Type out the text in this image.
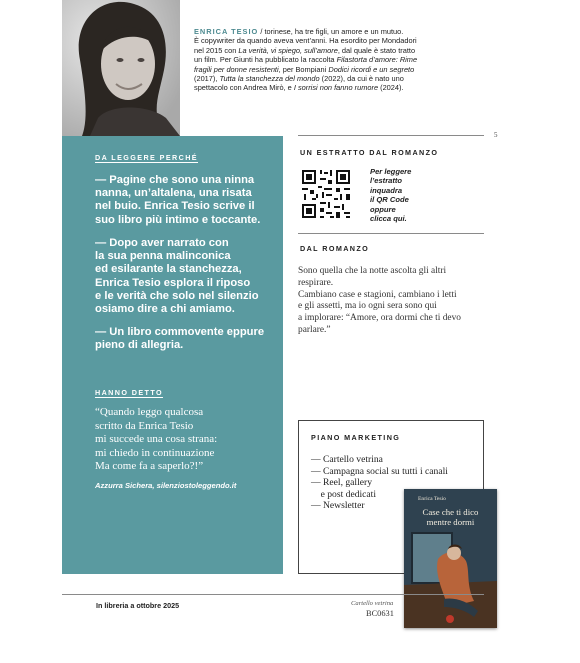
ENRICA TESIO / torinese, ha tre figli, un amore e un mutuo.
È copywriter da quando aveva vent’anni. Ha esordito per Mondadori
nel 2015 con La verità, vi spiego, sull’amore, dal quale è stato tratto
un film. Per Giunti ha pubblicato la raccolta Filastorta d’amore: Rime
fragili per donne resistenti, per Bompiani Dodici ricordi e un segreto
(2017), Tutta la stanchezza del mondo (2022), da cui è nato uno
spettacolo con Andrea Mirò, e I sorrisi non fanno rumore (2024).
5
DA LEGGERE PERCHÉ
— Pagine che sono una ninna
nanna, un’altalena, una risata
nel buio. Enrica Tesio scrive il
suo libro più intimo e toccante.
— Dopo aver narrato con
la sua penna malinconica
ed esilarante la stanchezza,
Enrica Tesio esplora il riposo
e le verità che solo nel silenzio
osiamo dire a chi amiamo.
— Un libro commovente eppure
pieno di allegria.
HANNO DETTO
“Quando leggo qualcosa
scritto da Enrica Tesio
mi succede una cosa strana:
mi chiedo in continuazione
Ma come fa a saperlo?!”
Azzurra Sichera, silenziostoleggendo.it
UN ESTRATTO DAL ROMANZO
Per leggere
l’estratto
inquadra
il QR Code
oppure
clicca qui.
DAL ROMANZO
Sono quella che la notte ascolta gli altri
respirare.
Cambiano case e stagioni, cambiano i letti
e gli assetti, ma io ogni sera sono qui
a implorare: “Amore, ora dormi che ti devo
parlare.”
PIANO MARKETING
— Cartello vetrina
— Campagna social su tutti i canali
— Reel, gallery
e post dedicati
— Newsletter
Enrica Tesio
Case che ti dico
mentre dormi
In libreria a ottobre 2025	Cartello vetrina
BC0631
